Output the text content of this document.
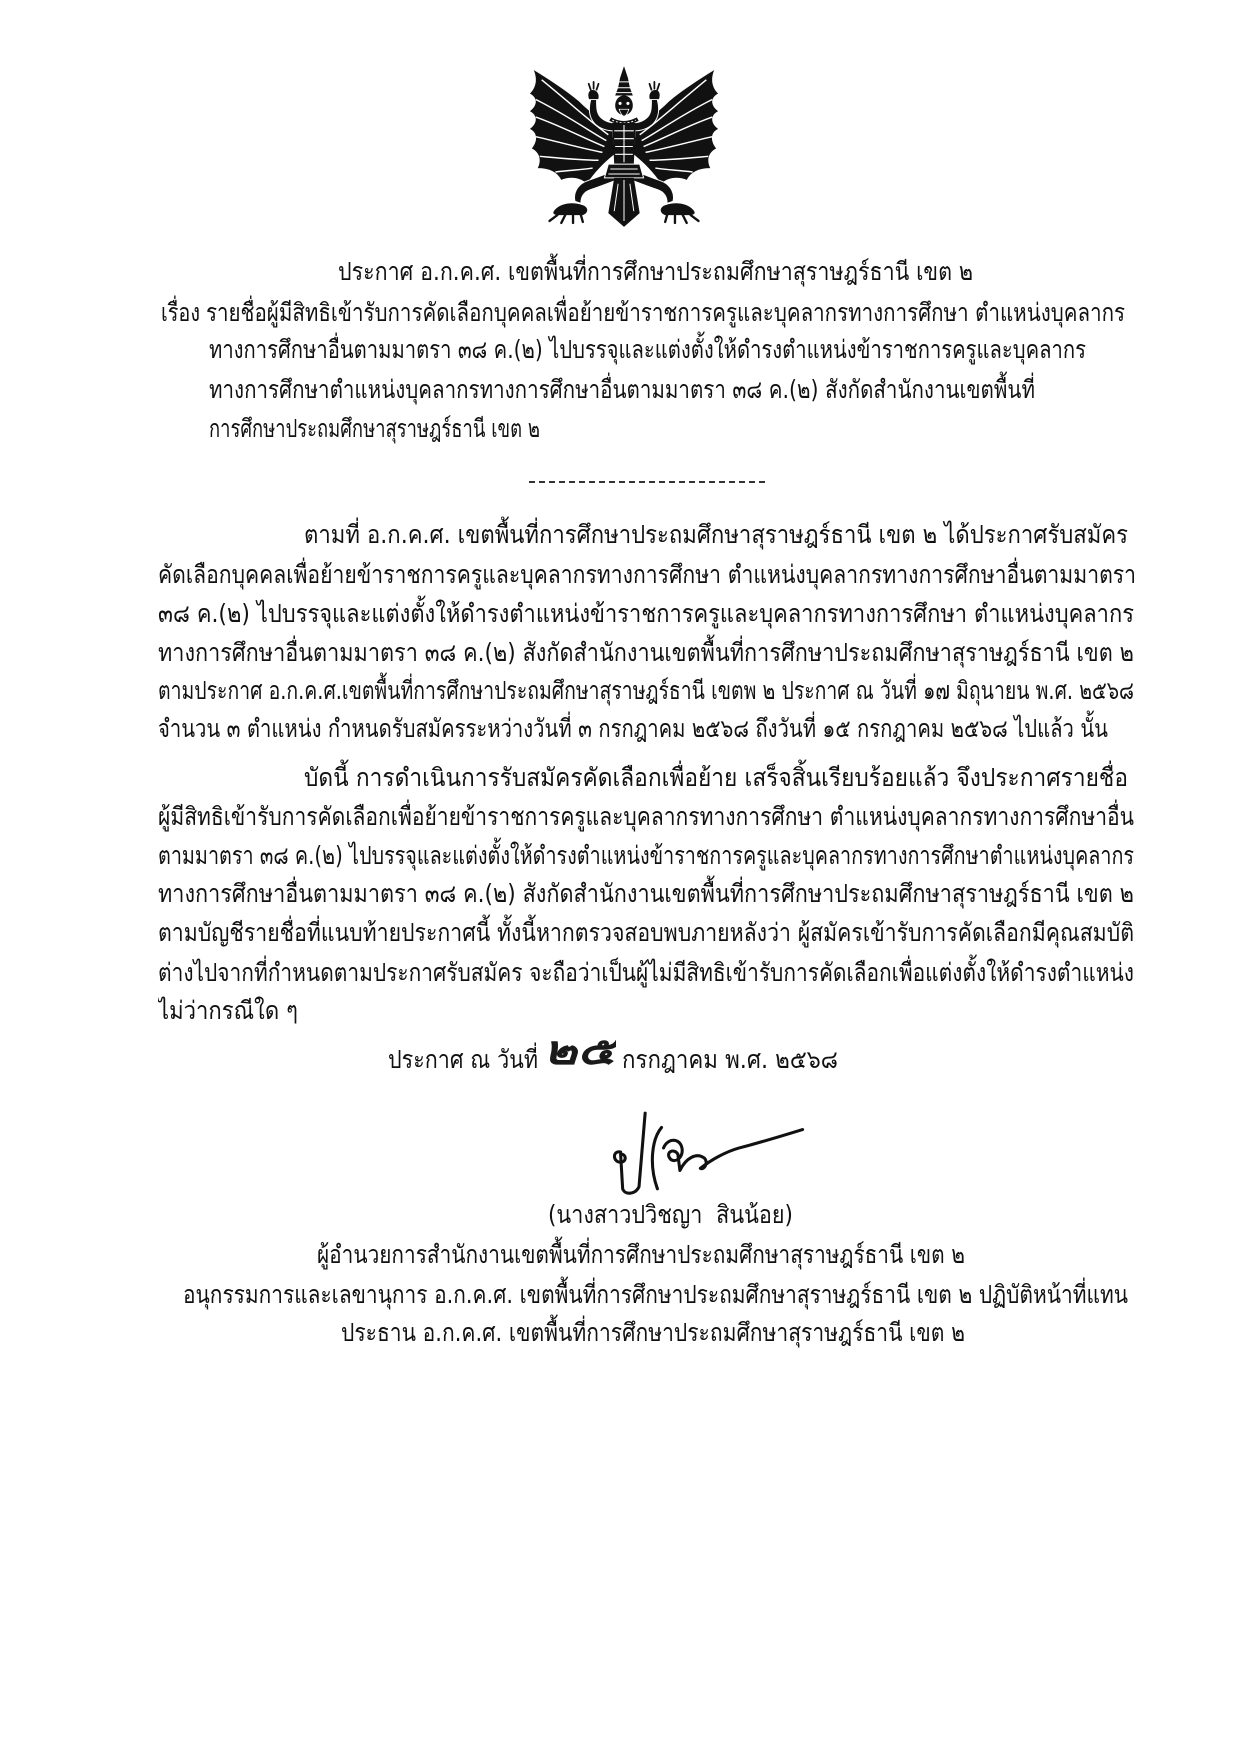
ประกาศ อ.ก.ค.ศ. เขตพื้นที่การศึกษาประถมศึกษาสุราษฎร์ธานี เขต ๒
เรื่อง รายชื่อผู้มีสิทธิเข้ารับการคัดเลือกบุคคลเพื่อย้ายข้าราชการครูและบุคลากรทางการศึกษา ตำแหน่งบุคลากร
ทางการศึกษาอื่นตามมาตรา ๓๘ ค.(๒) ไปบรรจุและแต่งตั้งให้ดำรงตำแหน่งข้าราชการครูและบุคลากร
ทางการศึกษาตำแหน่งบุคลากรทางการศึกษาอื่นตามมาตรา ๓๘ ค.(๒) สังกัดสำนักงานเขตพื้นที่
การศึกษาประถมศึกษาสุราษฎร์ธานี เขต ๒
ตามที่ อ.ก.ค.ศ. เขตพื้นที่การศึกษาประถมศึกษาสุราษฎร์ธานี เขต ๒ ได้ประกาศรับสมัคร
คัดเลือกบุคคลเพื่อย้ายข้าราชการครูและบุคลากรทางการศึกษา ตำแหน่งบุคลากรทางการศึกษาอื่นตามมาตรา
๓๘ ค.(๒) ไปบรรจุและแต่งตั้งให้ดำรงตำแหน่งข้าราชการครูและบุคลากรทางการศึกษา ตำแหน่งบุคลากร
ทางการศึกษาอื่นตามมาตรา ๓๘ ค.(๒) สังกัดสำนักงานเขตพื้นที่การศึกษาประถมศึกษาสุราษฎร์ธานี เขต ๒
ตามประกาศ อ.ก.ค.ศ.เขตพื้นที่การศึกษาประถมศึกษาสุราษฎร์ธานี เขตพ ๒ ประกาศ ณ วันที่ ๑๗ มิถุนายน พ.ศ. ๒๕๖๘
จำนวน ๓ ตำแหน่ง กำหนดรับสมัครระหว่างวันที่ ๓ กรกฎาคม ๒๕๖๘ ถึงวันที่ ๑๕ กรกฎาคม ๒๕๖๘ ไปแล้ว นั้น
บัดนี้ การดำเนินการรับสมัครคัดเลือกเพื่อย้าย เสร็จสิ้นเรียบร้อยแล้ว จึงประกาศรายชื่อ
ผู้มีสิทธิเข้ารับการคัดเลือกเพื่อย้ายข้าราชการครูและบุคลากรทางการศึกษา ตำแหน่งบุคลากรทางการศึกษาอื่น
ตามมาตรา ๓๘ ค.(๒) ไปบรรจุและแต่งตั้งให้ดำรงตำแหน่งข้าราชการครูและบุคลากรทางการศึกษาตำแหน่งบุคลากร
ทางการศึกษาอื่นตามมาตรา ๓๘ ค.(๒) สังกัดสำนักงานเขตพื้นที่การศึกษาประถมศึกษาสุราษฎร์ธานี เขต ๒
ตามบัญชีรายชื่อที่แนบท้ายประกาศนี้ ทั้งนี้หากตรวจสอบพบภายหลังว่า ผู้สมัครเข้ารับการคัดเลือกมีคุณสมบัติ
ต่างไปจากที่กำหนดตามประกาศรับสมัคร จะถือว่าเป็นผู้ไม่มีสิทธิเข้ารับการคัดเลือกเพื่อแต่งตั้งให้ดำรงตำแหน่ง
ไม่ว่ากรณีใด ๆ
ประกาศ ณ วันที่ ๒๕ กรกฎาคม พ.ศ. ๒๕๖๘
(นางสาวปวิชญา  สินน้อย)
ผู้อำนวยการสำนักงานเขตพื้นที่การศึกษาประถมศึกษาสุราษฎร์ธานี เขต ๒
อนุกรรมการและเลขานุการ อ.ก.ค.ศ. เขตพื้นที่การศึกษาประถมศึกษาสุราษฎร์ธานี เขต ๒ ปฏิบัติหน้าที่แทน
ประธาน อ.ก.ค.ศ. เขตพื้นที่การศึกษาประถมศึกษาสุราษฎร์ธานี เขต ๒
